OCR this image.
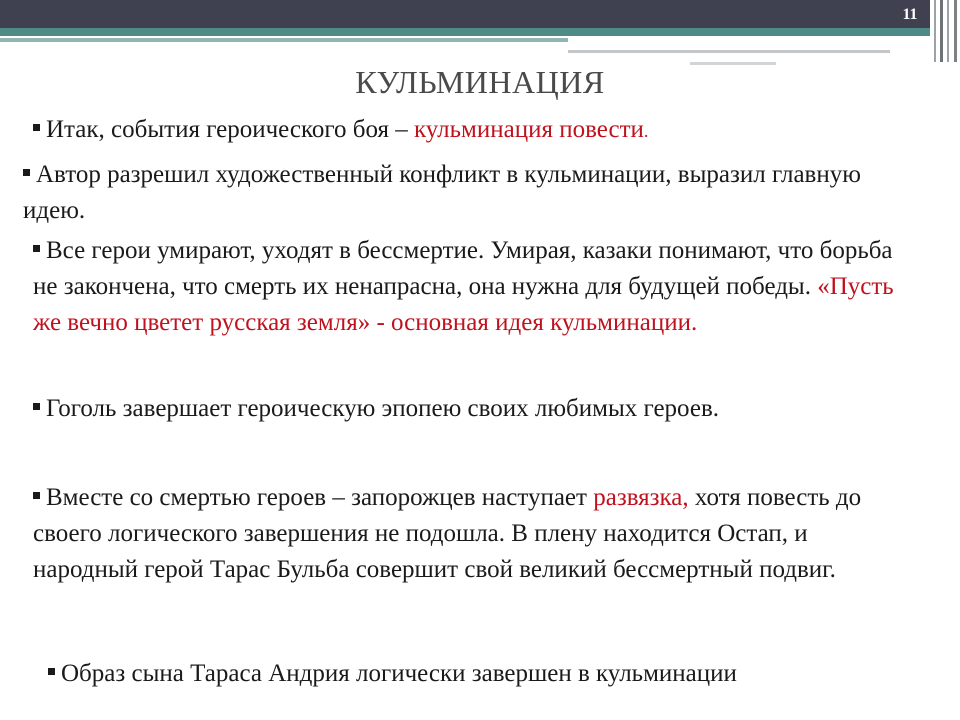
11
КУЛЬМИНАЦИЯ

Итак, события героического боя – кульминация повести.

Автор разрешил художественный конфликт в кульминации, выразил главную идею.

Все герои умирают, уходят в бессмертие. Умирая, казаки понимают, что борьба не закончена, что смерть их ненапрасна, она нужна для будущей победы. «Пусть же вечно цветет русская земля» - основная идея кульминации.

Гоголь завершает героическую эпопею своих любимых героев.

Вместе со смертью героев – запорожцев наступает развязка, хотя повесть до своего логического завершения не подошла. В плену находится Остап, и народный герой Тарас Бульба совершит свой великий бессмертный подвиг.

Образ сына Тараса Андрия логически завершен в кульминации
